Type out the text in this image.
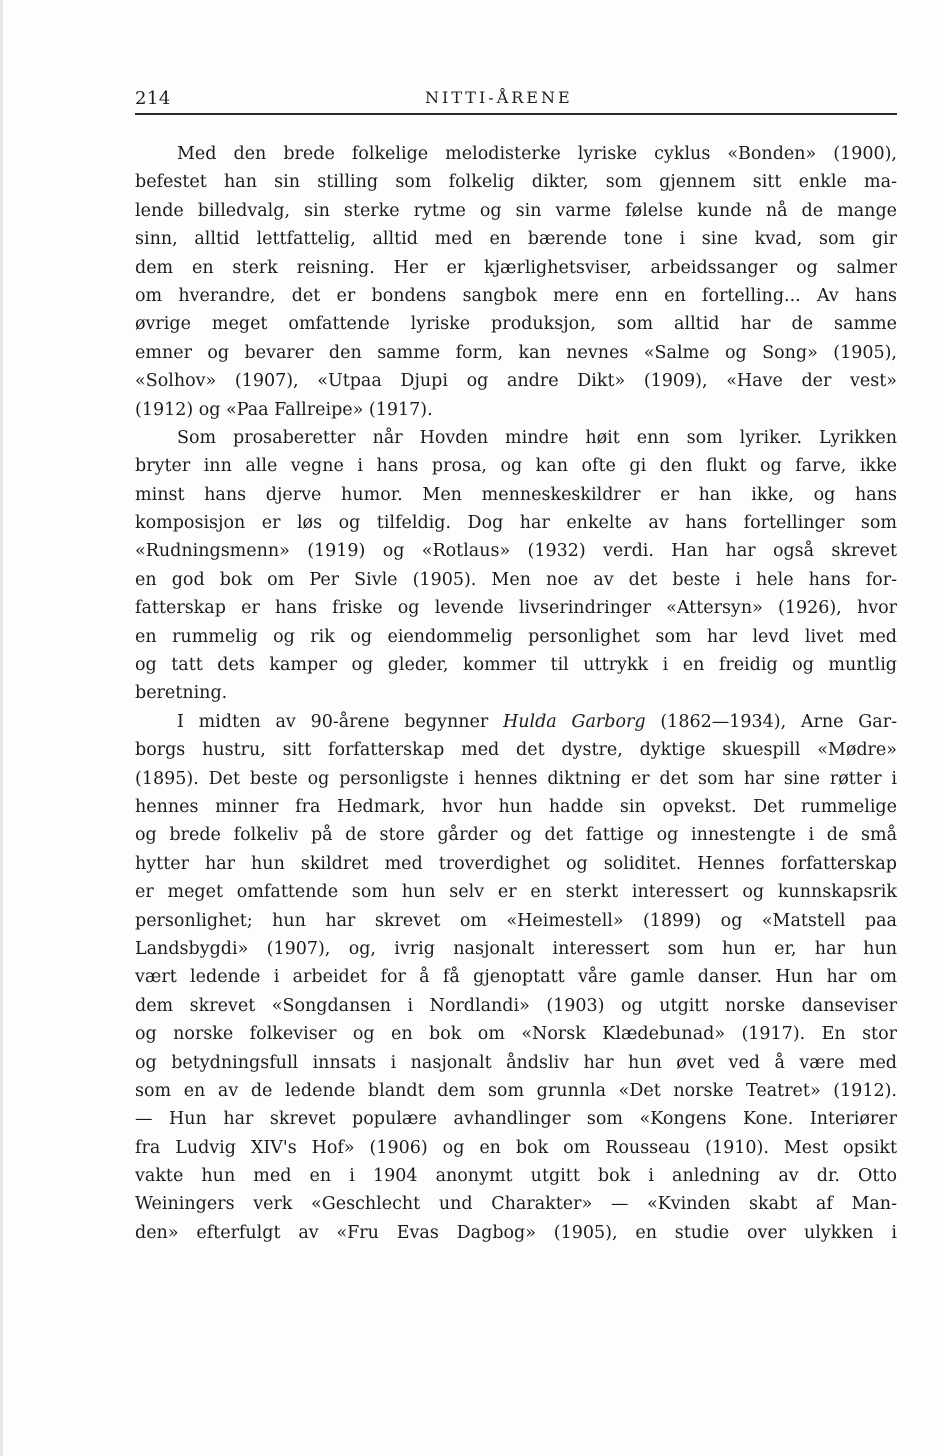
214	NITTI-ÅRENE
Med den brede folkelige melodisterke lyriske cyklus «Bonden» (1900),
befestet han sin stilling som folkelig dikter, som gjennem sitt enkle ma-
lende billedvalg, sin sterke rytme og sin varme følelse kunde nå de mange
sinn, alltid lettfattelig, alltid med en bærende tone i sine kvad, som gir
dem en sterk reisning. Her er kjærlighetsviser, arbeidssanger og salmer
om hverandre, det er bondens sangbok mere enn en fortelling... Av hans
øvrige meget omfattende lyriske produksjon, som alltid har de samme
emner og bevarer den samme form, kan nevnes «Salme og Song» (1905),
«Solhov» (1907), «Utpaa Djupi og andre Dikt» (1909), «Have der vest»
(1912) og «Paa Fallreipe» (1917).
Som prosaberetter når Hovden mindre høit enn som lyriker. Lyrikken
bryter inn alle vegne i hans prosa, og kan ofte gi den flukt og farve, ikke
minst hans djerve humor. Men menneskeskildrer er han ikke, og hans
komposisjon er løs og tilfeldig. Dog har enkelte av hans fortellinger som
«Rudningsmenn» (1919) og «Rotlaus» (1932) verdi. Han har også skrevet
en god bok om Per Sivle (1905). Men noe av det beste i hele hans for-
fatterskap er hans friske og levende livserindringer «Attersyn» (1926), hvor
en rummelig og rik og eiendommelig personlighet som har levd livet med
og tatt dets kamper og gleder, kommer til uttrykk i en freidig og muntlig
beretning.
I midten av 90-årene begynner Hulda Garborg (1862—1934), Arne Gar-
borgs hustru, sitt forfatterskap med det dystre, dyktige skuespill «Mødre»
(1895). Det beste og personligste i hennes diktning er det som har sine røtter i
hennes minner fra Hedmark, hvor hun hadde sin opvekst. Det rummelige
og brede folkeliv på de store gårder og det fattige og innestengte i de små
hytter har hun skildret med troverdighet og soliditet. Hennes forfatterskap
er meget omfattende som hun selv er en sterkt interessert og kunnskapsrik
personlighet; hun har skrevet om «Heimestell» (1899) og «Matstell paa
Landsbygdi» (1907), og, ivrig nasjonalt interessert som hun er, har hun
vært ledende i arbeidet for å få gjenoptatt våre gamle danser. Hun har om
dem skrevet «Songdansen i Nordlandi» (1903) og utgitt norske danseviser
og norske folkeviser og en bok om «Norsk Klædebunad» (1917). En stor
og betydningsfull innsats i nasjonalt åndsliv har hun øvet ved å være med
som en av de ledende blandt dem som grunnla «Det norske Teatret» (1912).
— Hun har skrevet populære avhandlinger som «Kongens Kone. Interiører
fra Ludvig XIV's Hof» (1906) og en bok om Rousseau (1910). Mest opsikt
vakte hun med en i 1904 anonymt utgitt bok i anledning av dr. Otto
Weiningers verk «Geschlecht und Charakter» — «Kvinden skabt af Man-
den» efterfulgt av «Fru Evas Dagbog» (1905), en studie over ulykken i
